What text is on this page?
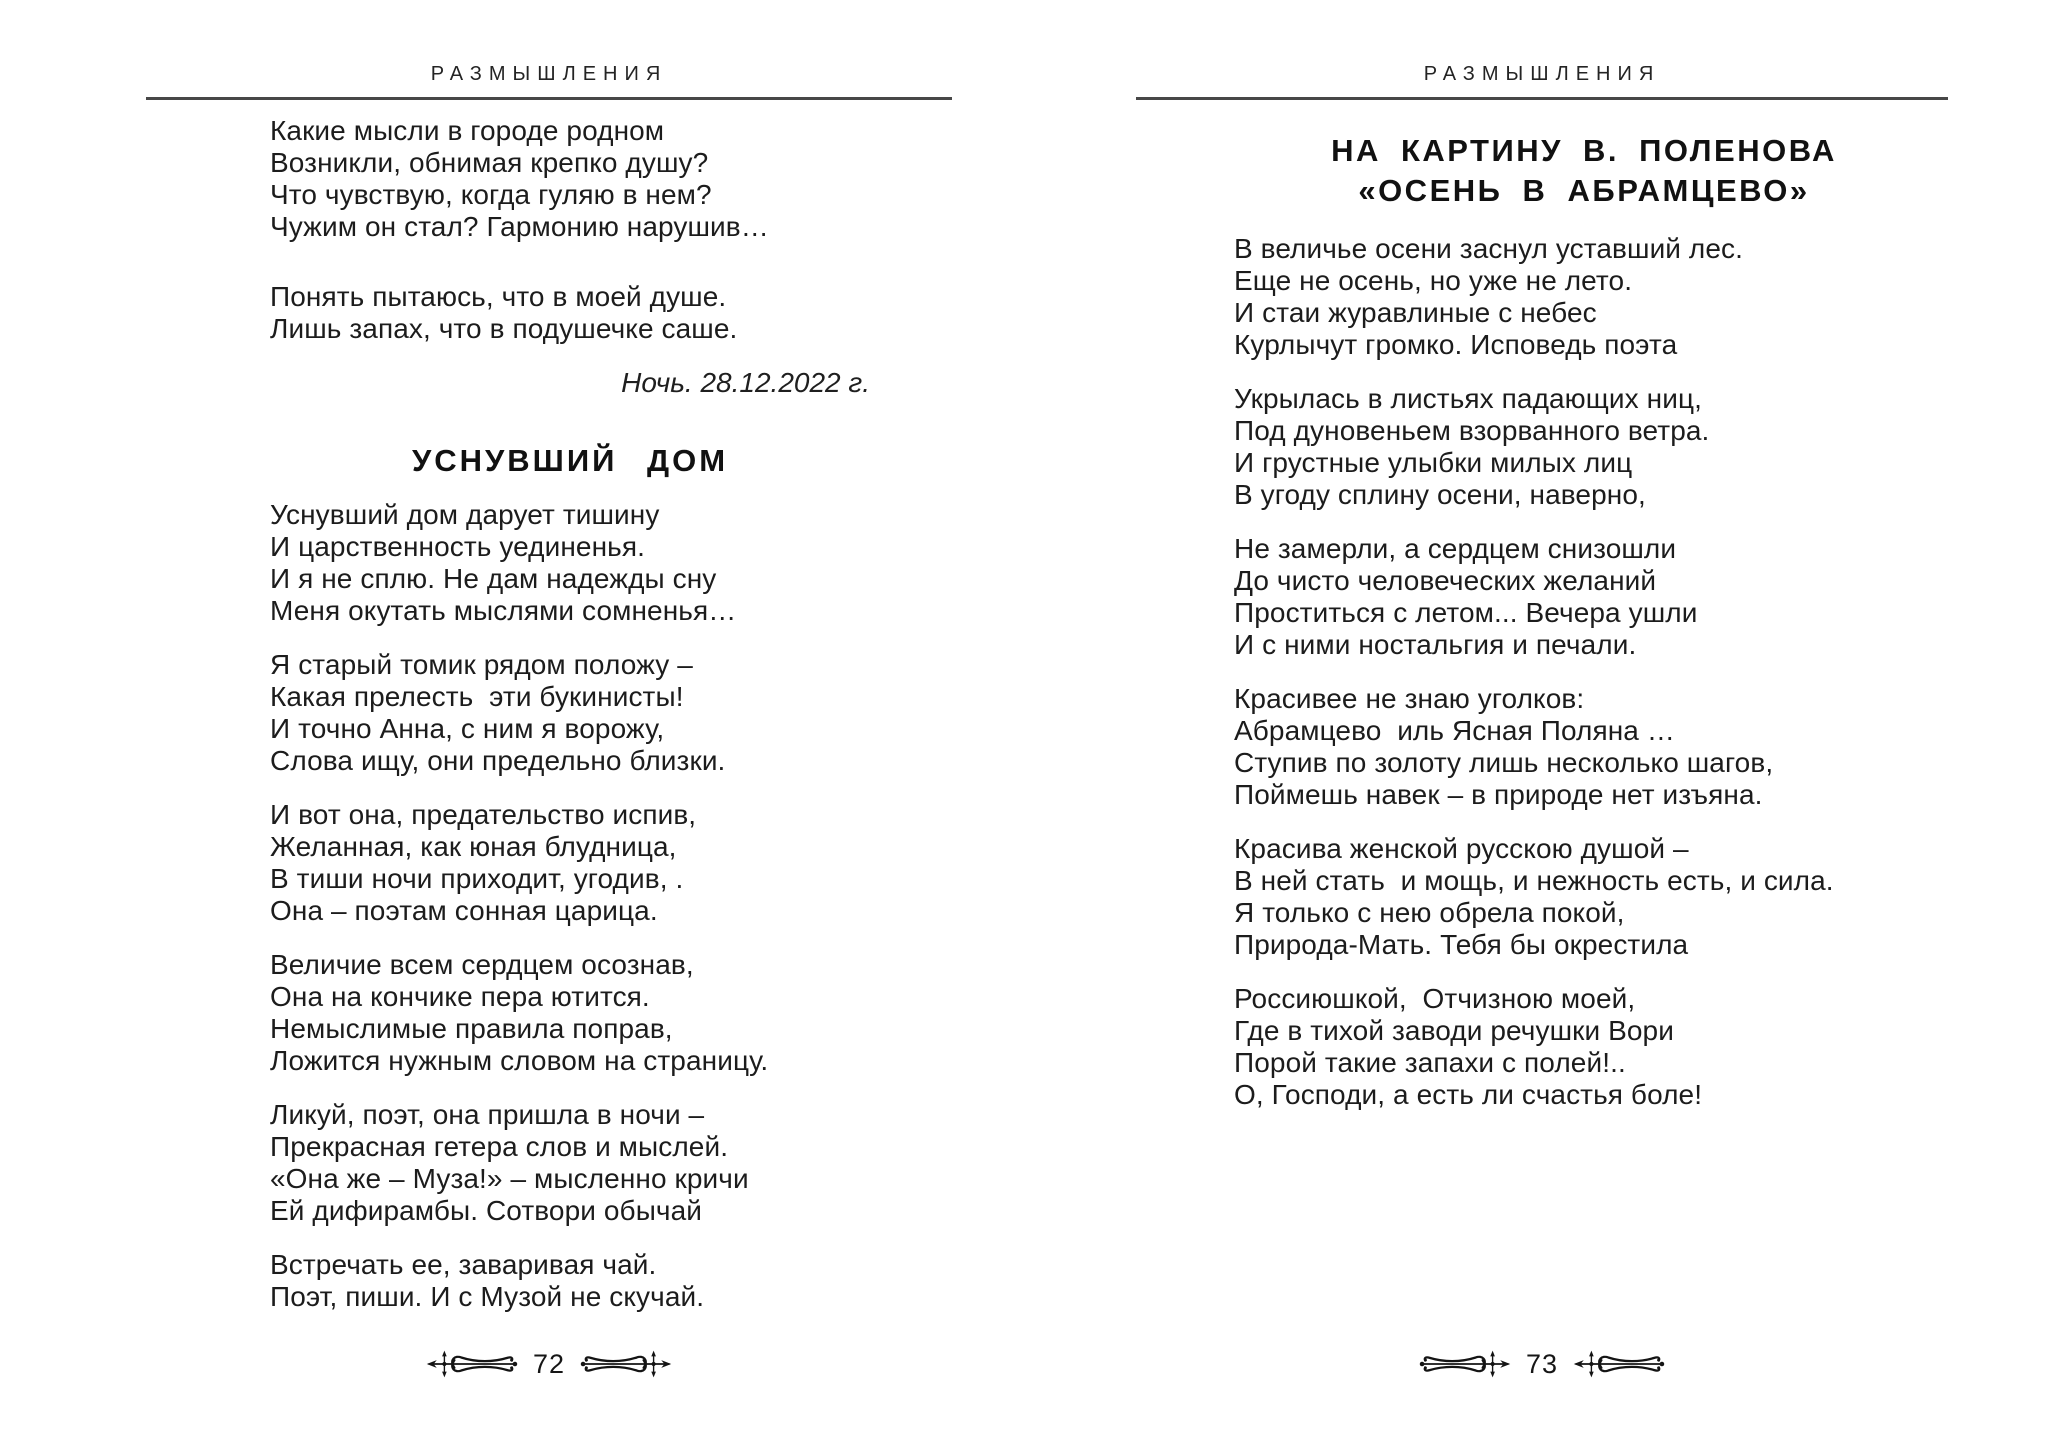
РАЗМЫШЛЕНИЯ
Какие мысли в городе родном
Возникли, обнимая крепко душу?
Что чувствую, когда гуляю в нем?
Чужим он стал? Гармонию нарушив…
Понять пытаюсь, что в моей душе.
Лишь запах, что в подушечке саше.
Ночь. 28.12.2022 г.
УСНУВШИЙ ДОМ
Уснувший дом дарует тишину
И царственность уединенья.
И я не сплю. Не дам надежды сну
Меня окутать мыслями сомненья…
Я старый томик рядом положу –
Какая прелесть  эти букинисты!
И точно Анна, с ним я ворожу,
Слова ищу, они предельно близки.
И вот она, предательство испив,
Желанная, как юная блудница,
В тиши ночи приходит, угодив, .
Она – поэтам сонная царица.
Величие всем сердцем осознав,
Она на кончике пера ютится.
Немыслимые правила поправ,
Ложится нужным словом на страницу.
Ликуй, поэт, она пришла в ночи –
Прекрасная гетера слов и мыслей.
«Она же – Муза!» – мысленно кричи
Ей дифирамбы. Сотвори обычай
Встречать ее, заваривая чай.
Поэт, пиши. И с Музой не скучай.
72
РАЗМЫШЛЕНИЯ
НА КАРТИНУ В. ПОЛЕНОВА
«ОСЕНЬ В АБРАМЦЕВО»
В величье осени заснул уставший лес.
Еще не осень, но уже не лето.
И стаи журавлиные с небес
Курлычут громко. Исповедь поэта
Укрылась в листьях падающих ниц,
Под дуновеньем взорванного ветра.
И грустные улыбки милых лиц
В угоду сплину осени, наверно,
Не замерли, а сердцем снизошли
До чисто человеческих желаний
Проститься с летом... Вечера ушли
И с ними ностальгия и печали.
Красивее не знаю уголков:
Абрамцево  иль Ясная Поляна …
Ступив по золоту лишь несколько шагов,
Поймешь навек – в природе нет изъяна.
Красива женской русскою душой –
В ней стать  и мощь, и нежность есть, и сила.
Я только с нею обрела покой,
Природа-Мать. Тебя бы окрестила
Россиюшкой,  Отчизною моей,
Где в тихой заводи речушки Вори
Порой такие запахи с полей!..
О, Господи, а есть ли счастья боле!
73
